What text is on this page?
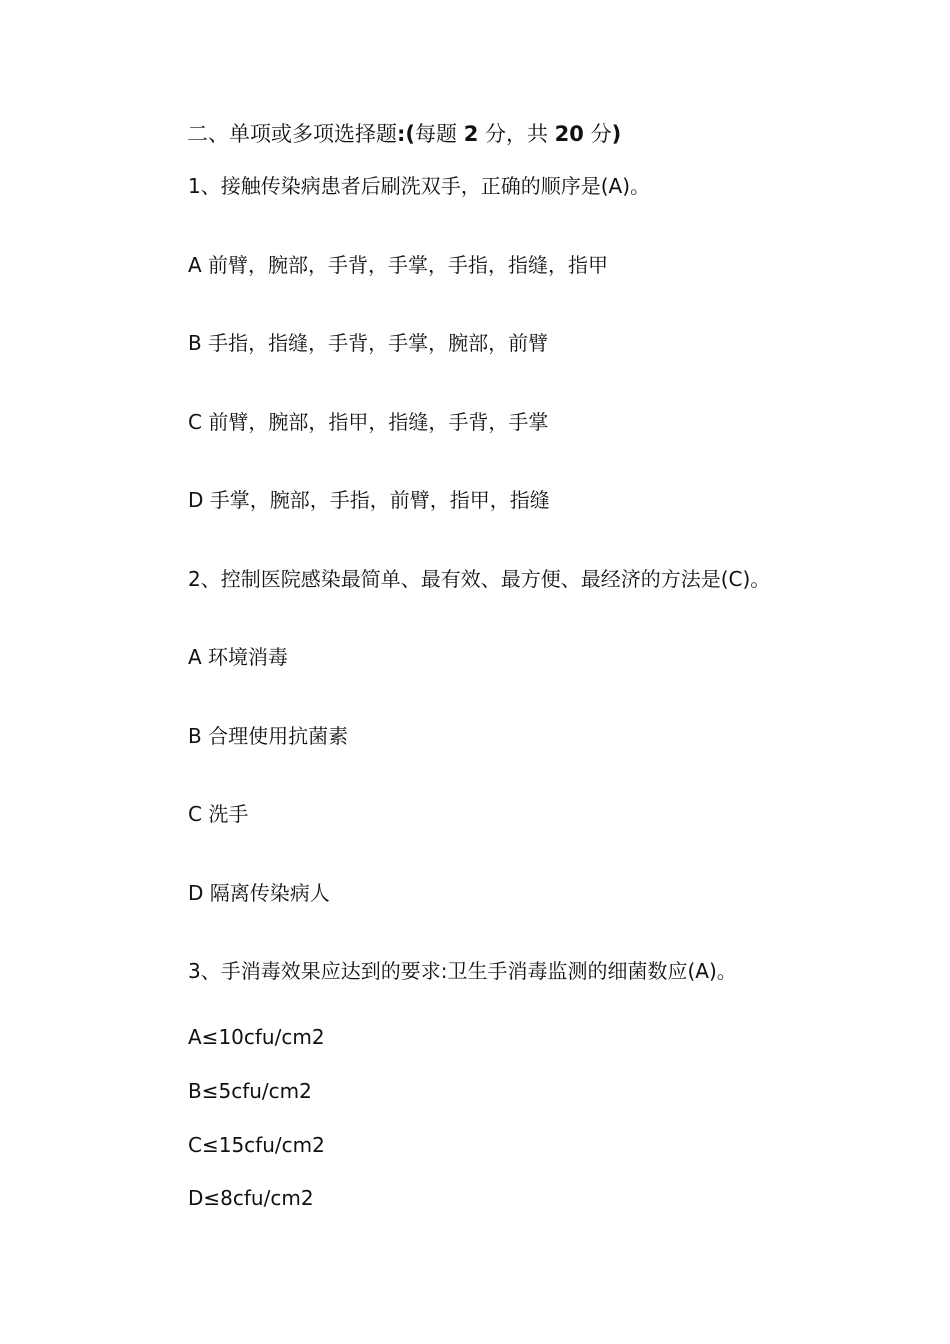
二、单项或多项选择题:(每题 2 分，共 20 分)
1、接触传染病患者后刷洗双手，正确的顺序是(A)。
A 前臂，腕部，手背，手掌，手指，指缝，指甲
B 手指，指缝，手背，手掌，腕部，前臂
C 前臂，腕部，指甲，指缝，手背，手掌
D 手掌，腕部，手指，前臂，指甲，指缝
2、控制医院感染最简单、最有效、最方便、最经济的方法是(C)。
A 环境消毒
B 合理使用抗菌素
C 洗手
D 隔离传染病人
3、手消毒效果应达到的要求:卫生手消毒监测的细菌数应(A)。
A≤10cfu/cm2
B≤5cfu/cm2
C≤15cfu/cm2
D≤8cfu/cm2
